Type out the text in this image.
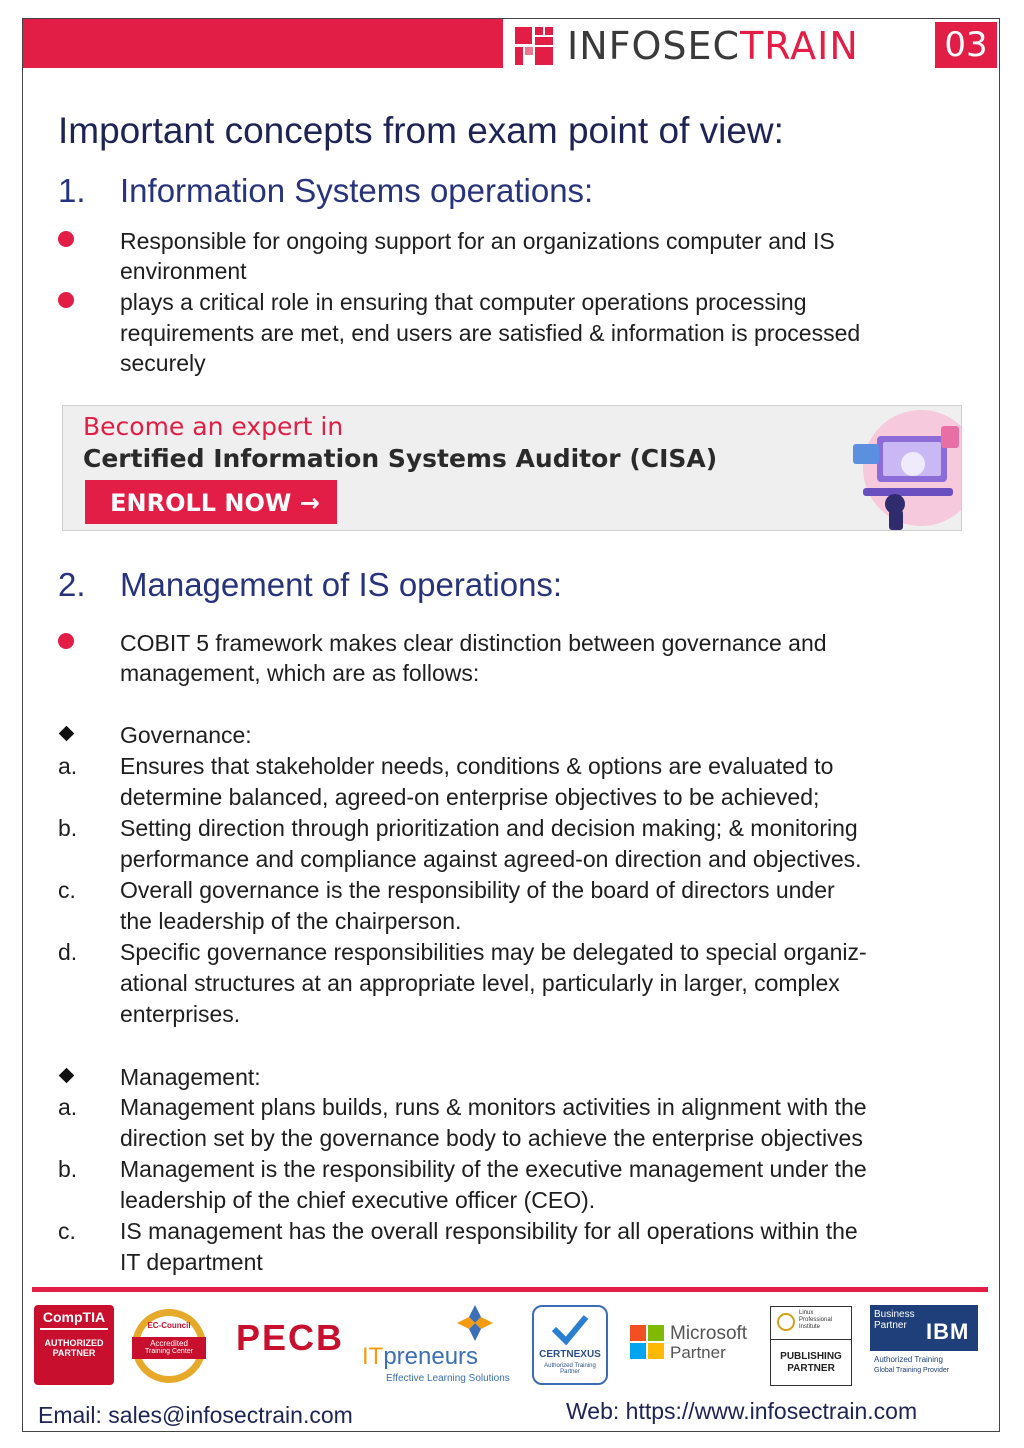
INFOSECTRAIN	03
Important concepts from exam point of view:
1. Information Systems operations:
Responsible for ongoing support for an organizations computer and IS
environment
plays a critical role in ensuring that computer operations processing
requirements are met, end users are satisfied & information is processed
securely
Become an expert in
Certified Information Systems Auditor (CISA)
ENROLL NOW →
2. Management of IS operations:
COBIT 5 framework makes clear distinction between governance and
management, which are as follows:
Governance:
a. Ensures that stakeholder needs, conditions & options are evaluated to
determine balanced, agreed-on enterprise objectives to be achieved;
b. Setting direction through prioritization and decision making; & monitoring
performance and compliance against agreed-on direction and objectives.
c. Overall governance is the responsibility of the board of directors under
the leadership of the chairperson.
d. Specific governance responsibilities may be delegated to special organiz-
ational structures at an appropriate level, particularly in larger, complex
enterprises.
Management:
a. Management plans builds, runs & monitors activities in alignment with the
direction set by the governance body to achieve the enterprise objectives
b. Management is the responsibility of the executive management under the
leadership of the chief executive officer (CEO).
c. IS management has the overall responsibility for all operations within the
IT department
CompTIA
AUTHORIZED
PARTNER
EC-Council
Accredited
Training Center	PECB ITpreneurs
Effective Learning Solutions
CERTNEXUS
Authorized Training Partner
Microsoft
Partner
Linux
Professional
Institute
PUBLISHING
PARTNER
Business
Partner IBM
Authorized Training
Global Training Provider
Email: sales@infosectrain.com	Web: https://www.infosectrain.com
